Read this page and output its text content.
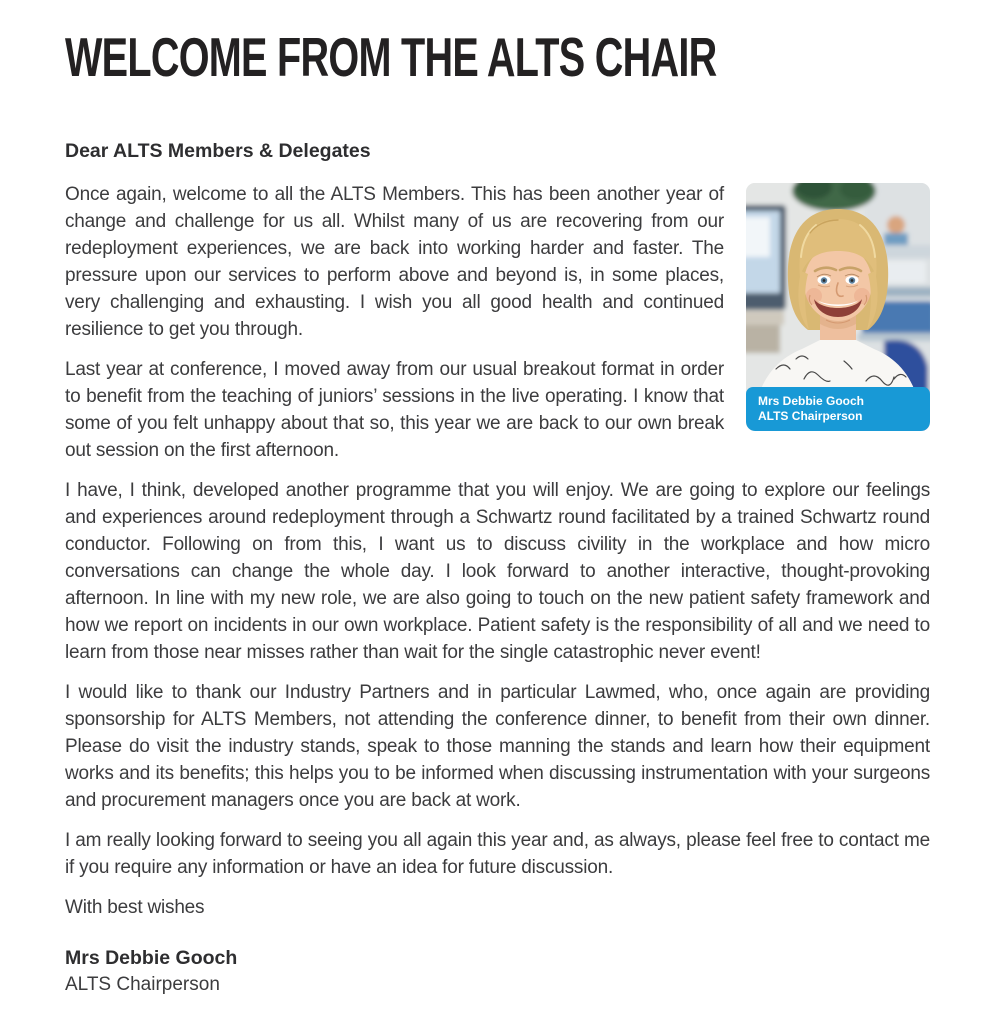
WELCOME FROM THE ALTS CHAIR
Dear ALTS Members & Delegates
Mrs Debbie Gooch
ALTS Chairperson

Once again, welcome to all the ALTS Members. This has been another year of change and challenge for us all. Whilst many of us are recovering from our redeployment experiences, we are back into working harder and faster. The pressure upon our services to perform above and beyond is, in some places, very challenging and exhausting. I wish you all good health and continued resilience to get you through.

Last year at conference, I moved away from our usual breakout format in order to benefit from the teaching of juniors’ sessions in the live operating. I know that some of you felt unhappy about that so, this year we are back to our own break out session on the first afternoon.

I have, I think, developed another programme that you will enjoy. We are going to explore our feelings and experiences around redeployment through a Schwartz round facilitated by a trained Schwartz round conductor. Following on from this, I want us to discuss civility in the workplace and how micro conversations can change the whole day. I look forward to another interactive, thought-provoking afternoon. In line with my new role, we are also going to touch on the new patient safety framework and how we report on incidents in our own workplace. Patient safety is the responsibility of all and we need to learn from those near misses rather than wait for the single catastrophic never event!

I would like to thank our Industry Partners and in particular Lawmed, who, once again are providing sponsorship for ALTS Members, not attending the conference dinner, to benefit from their own dinner. Please do visit the industry stands, speak to those manning the stands and learn how their equipment works and its benefits; this helps you to be informed when discussing instrumentation with your surgeons and procurement managers once you are back at work.

I am really looking forward to seeing you all again this year and, as always, please feel free to contact me if you require any information or have an idea for future discussion.

With best wishes

Mrs Debbie Gooch
ALTS Chairperson
